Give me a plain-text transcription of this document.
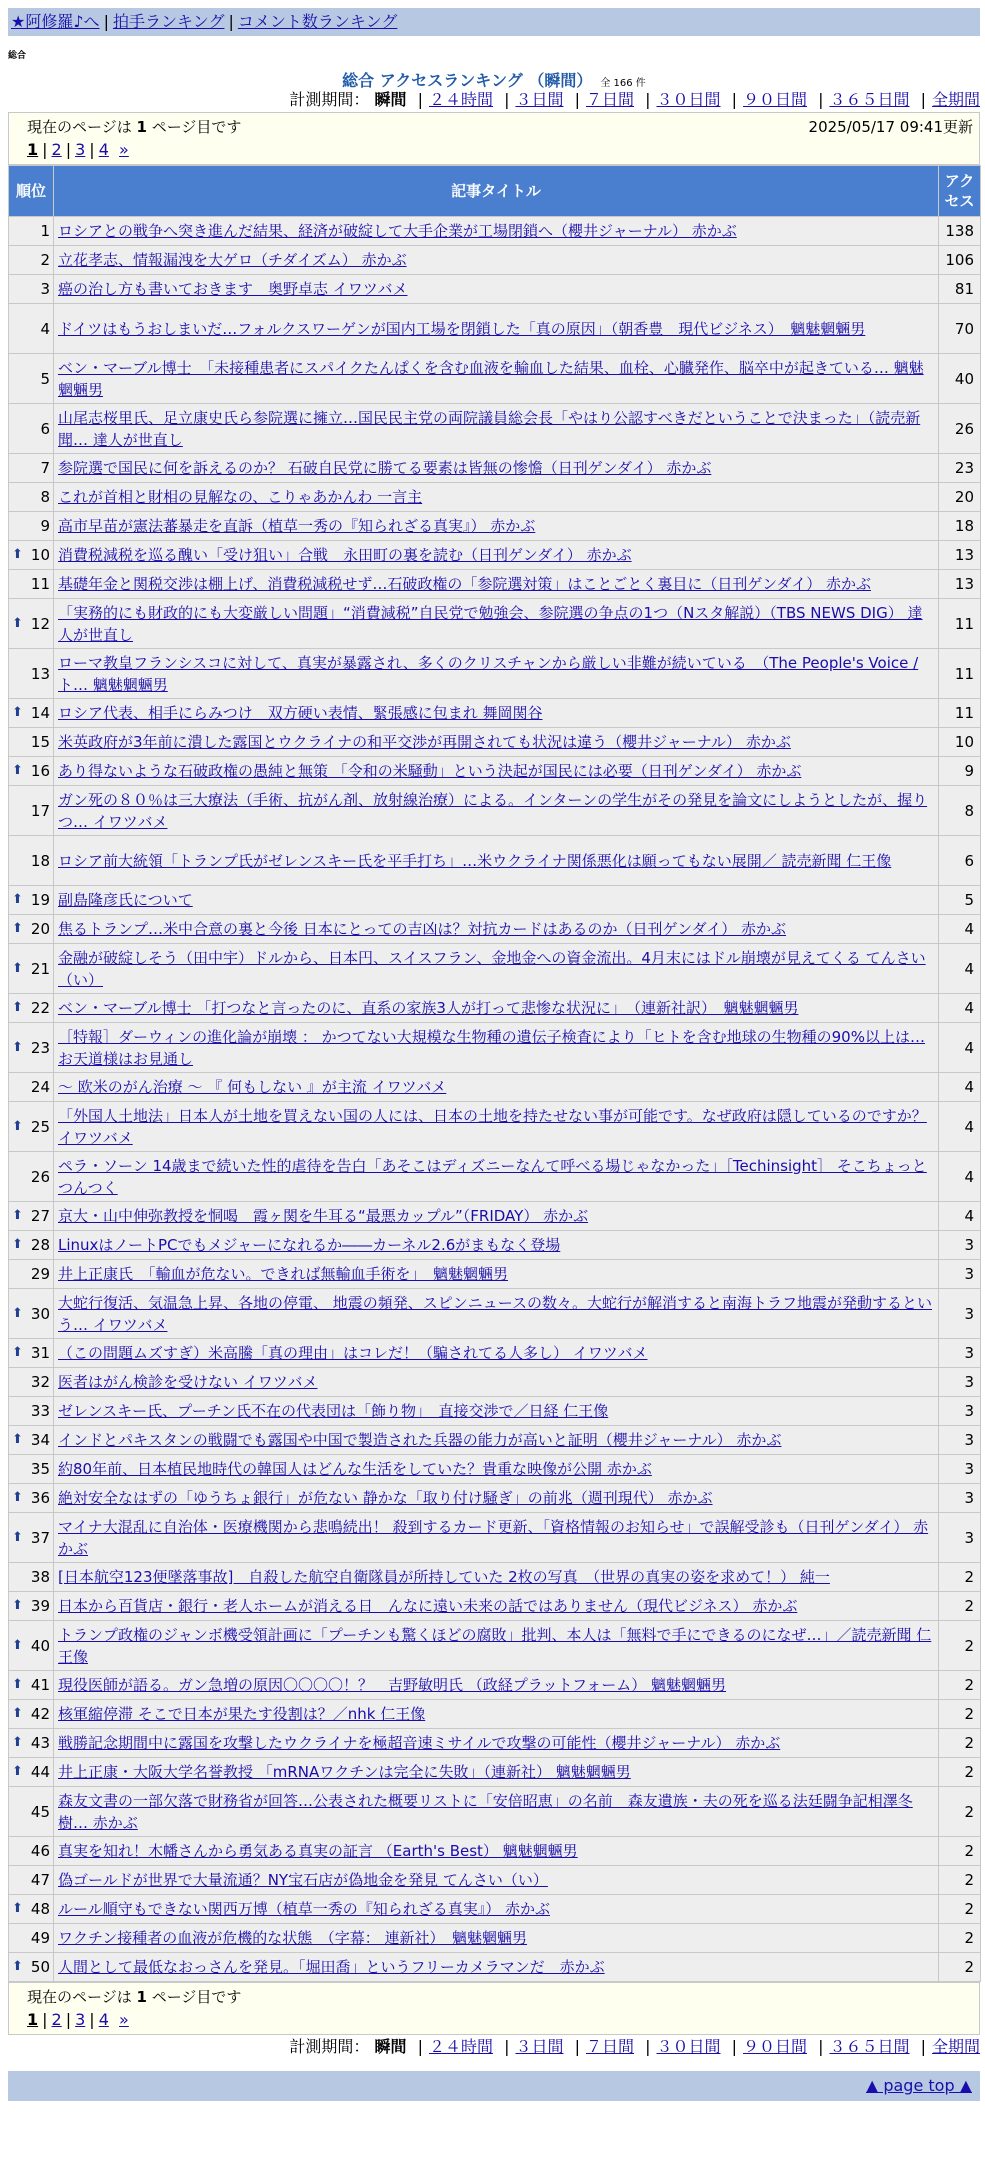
★阿修羅♪へ | 拍手ランキング | コメント数ランキング
総合
総合 アクセスランキング （瞬間） 全 166 件
計測期間： 瞬間 | ２４時間 | ３日間 | ７日間 | ３０日間 | ９０日間 | ３６５日間 | 全期間
現在のページは 1 ページ目です	2025/05/17 09:41更新
1 | 2 | 3 | 4 »
順位	記事タイトル	アクセス
1	ロシアとの戦争へ突き進んだ結果、経済が破綻して大手企業が工場閉鎖へ（櫻井ジャーナル） 赤かぶ	138
2	立花孝志、情報漏洩を大ゲロ（チダイズム） 赤かぶ	106
3	癌の治し方も書いておきます　奥野卓志 イワツバメ	81
4	ドイツはもうおしまいだ…フォルクスワーゲンが国内工場を閉鎖した「真の原因」（朝香豊　現代ビジネス）　魑魅魍魎男	70
5	ベン・マーブル博士　「未接種患者にスパイクたんぱくを含む血液を輸血した結果、血栓、心臓発作、脳卒中が起きている… 魑魅魍魎男	40
6	山尾志桜里氏、足立康史氏ら参院選に擁立…国民民主党の両院議員総会長「やはり公認すべきだということで決まった」（読売新聞… 達人が世直し	26
7	参院選で国民に何を訴えるのか？ 石破自民党に勝てる要素は皆無の惨憺（日刊ゲンダイ） 赤かぶ	23
8	これが首相と財相の見解なの、こりゃあかんわ 一言主	20
9	高市早苗が憲法蕃暴走を直訴（植草一秀の『知られざる真実』） 赤かぶ	18

⬆ 10	消費税減税を巡る醜い「受け狙い」合戦　永田町の裏を読む（日刊ゲンダイ） 赤かぶ	13
11	基礎年金と関税交渉は棚上げ、消費税減税せず…石破政権の「参院選対策」はことごとく裏目に（日刊ゲンダイ） 赤かぶ	13

⬆ 12	「実務的にも財政的にも大変厳しい問題」“消費減税”自民党で勉強会、参院選の争点の1つ（Nスタ解説）（TBS NEWS DIG） 達人が世直し	11
13	ローマ教皇フランシスコに対して、真実が暴露され、多くのクリスチャンから厳しい非難が続いている　（The People's Voice / ト… 魑魅魍魎男	11

⬆ 14	ロシア代表、相手にらみつけ　双方硬い表情、緊張感に包まれ 舞岡関谷	11
15	米英政府が3年前に潰した露国とウクライナの和平交渉が再開されても状況は違う（櫻井ジャーナル） 赤かぶ	10

⬆ 16	あり得ないような石破政権の愚純と無策 「令和の米騒動」という決起が国民には必要（日刊ゲンダイ） 赤かぶ	9
17	ガン死の８０％は三大療法（手術、抗がん剤、放射線治療）による。インターンの学生がその発見を論文にしようとしたが、握りつ… イワツバメ	8
18	ロシア前大統領「トランプ氏がゼレンスキー氏を平手打ち」…米ウクライナ関係悪化は願ってもない展開／ 読売新聞 仁王像	6

⬆ 19	副島隆彦氏について	5

⬆ 20	焦るトランプ…米中合意の裏と今後 日本にとっての吉凶は？対抗カードはあるのか（日刊ゲンダイ） 赤かぶ	4

⬆ 21	金融が破綻しそう（田中宇）ドルから、日本円、スイスフラン、金地金への資金流出。4月末にはドル崩壊が見えてくる てんさい（い）	4

⬆ 22	ベン・マーブル博士 「打つなと言ったのに、直系の家族3人が打って悲惨な状況に」　（連新社訳）　魑魅魍魎男	4

⬆ 23	［特報］ダーウィンの進化論が崩壊 ： かつてない大規模な生物種の遺伝子検査により「ヒトを含む地球の生物種の90%以上は… お天道様はお見通し	4
24	～ 欧米のがん治療 ～ 『 何もしない 』が主流 イワツバメ	4

⬆ 25	「外国人土地法」日本人が土地を買えない国の人には、日本の土地を持たせない事が可能です。なぜ政府は隠しているのですか？ イワツバメ	4
26	ペラ・ソーン 14歳まで続いた性的虐待を告白「あそこはディズニーなんて呼べる場じゃなかった」［Techinsight］ そこちょっとつんつく	4

⬆ 27	京大・山中伸弥教授を恫喝　霞ヶ関を牛耳る“最悪カップル”（FRIDAY） 赤かぶ	4

⬆ 28	LinuxはノートPCでもメジャーになれるか――カーネル2.6がまもなく登場	3
29	井上正康氏　「輸血が危ない。できれば無輸血手術を」　魑魅魍魎男	3

⬆ 30	大蛇行復活、気温急上昇、各地の停電、 地震の頻発、スピンニュースの数々。大蛇行が解消すると南海トラフ地震が発動するという… イワツバメ	3

⬆ 31	（この問題ムズすぎ）米高騰「真の理由」はコレだ！（騙されてる人多し） イワツバメ	3
32	医者はがん検診を受けない イワツバメ	3
33	ゼレンスキー氏、プーチン氏不在の代表団は「飾り物」　直接交渉で／日経 仁王像	3

⬆ 34	インドとパキスタンの戦闘でも露国や中国で製造された兵器の能力が高いと証明（櫻井ジャーナル） 赤かぶ	3
35	約80年前、日本植民地時代の韓国人はどんな生活をしていた？貴重な映像が公開 赤かぶ	3

⬆ 36	絶対安全なはずの「ゆうちょ銀行」が危ない 静かな「取り付け騒ぎ」の前兆（週刊現代） 赤かぶ	3

⬆ 37	マイナ大混乱に自治体・医療機関から悲鳴続出！ 殺到するカード更新、「資格情報のお知らせ」で誤解受診も（日刊ゲンダイ） 赤かぶ	3
38	[日本航空123便墜落事故]　自殺した航空自衛隊員が所持していた 2枚の写真　（世界の真実の姿を求めて！） 純一	2

⬆ 39	日本から百貨店・銀行・老人ホームが消える日　んなに遠い未来の話ではありません（現代ビジネス） 赤かぶ	2

⬆ 40	トランプ政権のジャンボ機受領計画に「プーチンも驚くほどの腐敗」批判、本人は「無料で手にできるのになぜ…」／読売新聞 仁王像	2

⬆ 41	現役医師が語る。ガン急増の原因〇〇〇〇！？　吉野敏明氏 （政経プラットフォーム） 魑魅魍魎男	2

⬆ 42	核軍縮停滞 そこで日本が果たす役割は？／nhk 仁王像	2

⬆ 43	戦勝記念期間中に露国を攻撃したウクライナを極超音速ミサイルで攻撃の可能性（櫻井ジャーナル） 赤かぶ	2

⬆ 44	井上正康・大阪大学名誉教授 「mRNAワクチンは完全に失敗」（連新社） 魑魅魍魎男	2
45	森友文書の一部欠落で財務省が回答…公表された概要リストに「安倍昭恵」の名前　森友遺族・夫の死を巡る法廷闘争記相澤冬樹… 赤かぶ	2
46	真実を知れ！木幡さんから勇気ある真実の証言 （Earth's Best） 魑魅魍魎男	2
47	偽ゴールドが世界で大量流通？NY宝石店が偽地金を発見 てんさい（い）	2

⬆ 48	ルール順守もできない関西万博（植草一秀の『知られざる真実』） 赤かぶ	2
49	ワクチン接種者の血液が危機的な状態　（字幕： 連新社）　魑魅魍魎男	2

⬆ 50	人間として最低なおっさんを発見。「堀田喬」というフリーカメラマンだ　赤かぶ	2
現在のページは 1 ページ目です
1 | 2 | 3 | 4 »
計測期間： 瞬間 | ２４時間 | ３日間 | ７日間 | ３０日間 | ９０日間 | ３６５日間 | 全期間
▲ page top ▲
